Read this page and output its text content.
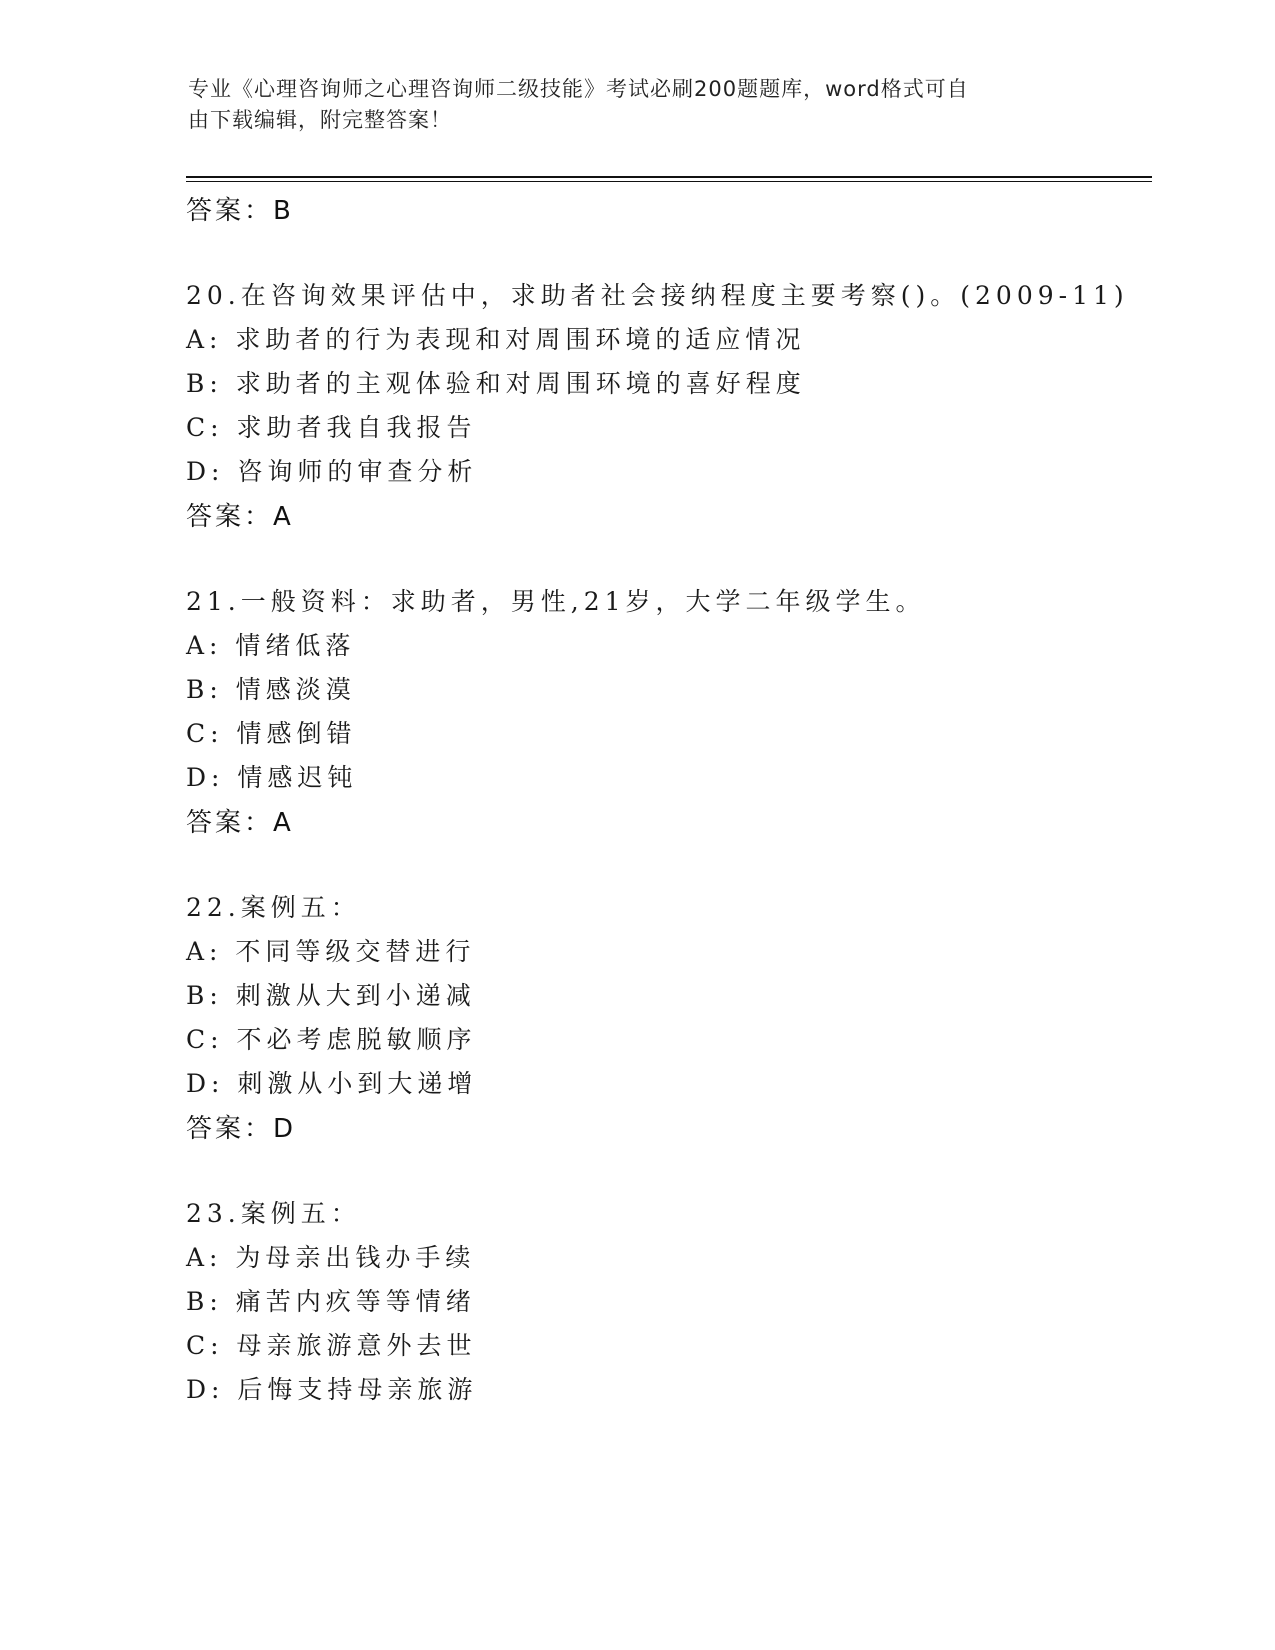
专业《心理咨询师之心理咨询师二级技能》考试必刷200题题库，word格式可自
由下载编辑，附完整答案！
答案：B
20.在咨询效果评估中，求助者社会接纳程度主要考察()。(2009-11)
A: 求助者的行为表现和对周围环境的适应情况
B: 求助者的主观体验和对周围环境的喜好程度
C: 求助者我自我报告
D: 咨询师的审查分析
答案：A
21.一般资料：求助者，男性,21岁，大学二年级学生。
A: 情绪低落
B: 情感淡漠
C: 情感倒错
D: 情感迟钝
答案：A
22.案例五：
A: 不同等级交替进行
B: 刺激从大到小递减
C: 不必考虑脱敏顺序
D: 刺激从小到大递增
答案：D
23.案例五：
A: 为母亲出钱办手续
B: 痛苦内疚等等情绪
C: 母亲旅游意外去世
D: 后悔支持母亲旅游
